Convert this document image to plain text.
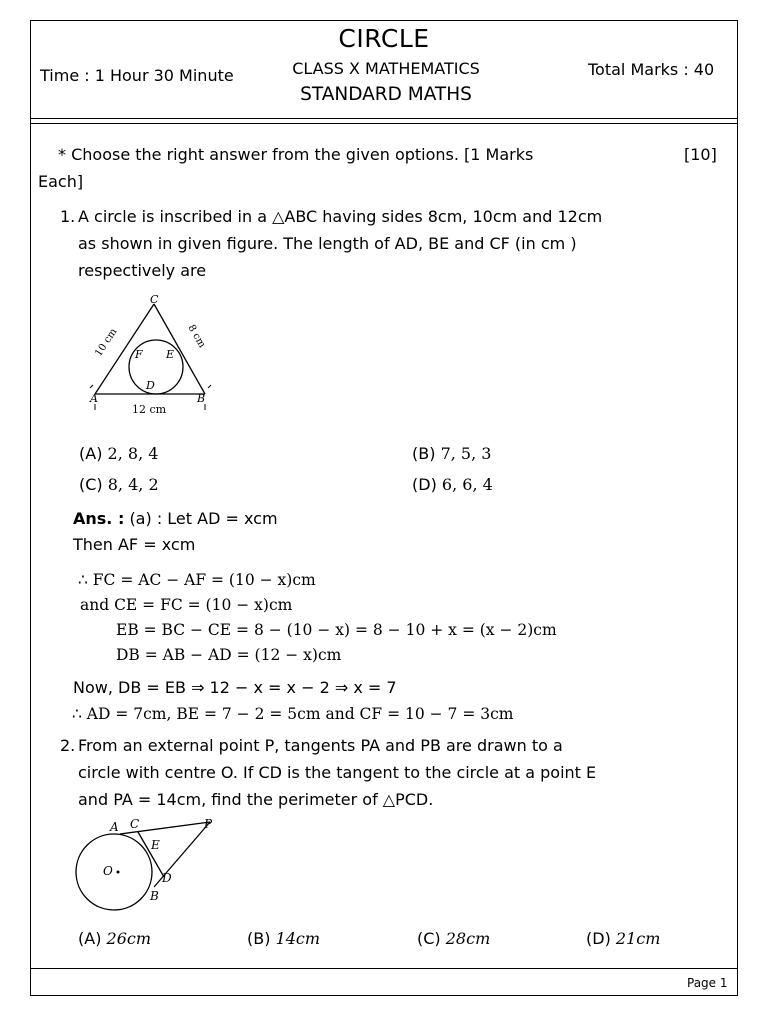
CIRCLE
Time : 1 Hour 30 Minute	CLASS X MATHEMATICS
STANDARD MATHS
Total Marks : 40
* Choose the right answer from the given options. [1 Marks
Each]
[10]
1. A circle is inscribed in a △ABC having sides 8cm, 10cm and 12cm
as shown in given figure. The length of AD, BE and CF (in cm )
respectively are
C
A	B
D
E
F
10 cm	8 cm
12 cm
(A) 2, 8, 4	(B) 7, 5, 3
(C) 8, 4, 2	(D) 6, 6, 4
Ans. : (a) : Let AD = xcm
Then AF = xcm
∴ FC = AC − AF = (10 − x)cm
and CE = FC = (10 − x)cm
EB = BC − CE = 8 − (10 − x) = 8 − 10 + x = (x − 2)cm
DB = AB − AD = (12 − x)cm
Now, DB = EB ⇒ 12 − x = x − 2 ⇒ x = 7
∴ AD = 7cm, BE = 7 − 2 = 5cm and CF = 10 − 7 = 3cm
2. From an external point P, tangents PA and PB are drawn to a
circle with centre O. If CD is the tangent to the circle at a point E
and PA = 14cm, find the perimeter of △PCD.
A C	P
E
O	D
B
(A) 26cm	(B) 14cm	(C) 28cm	(D) 21cm
Page 1
